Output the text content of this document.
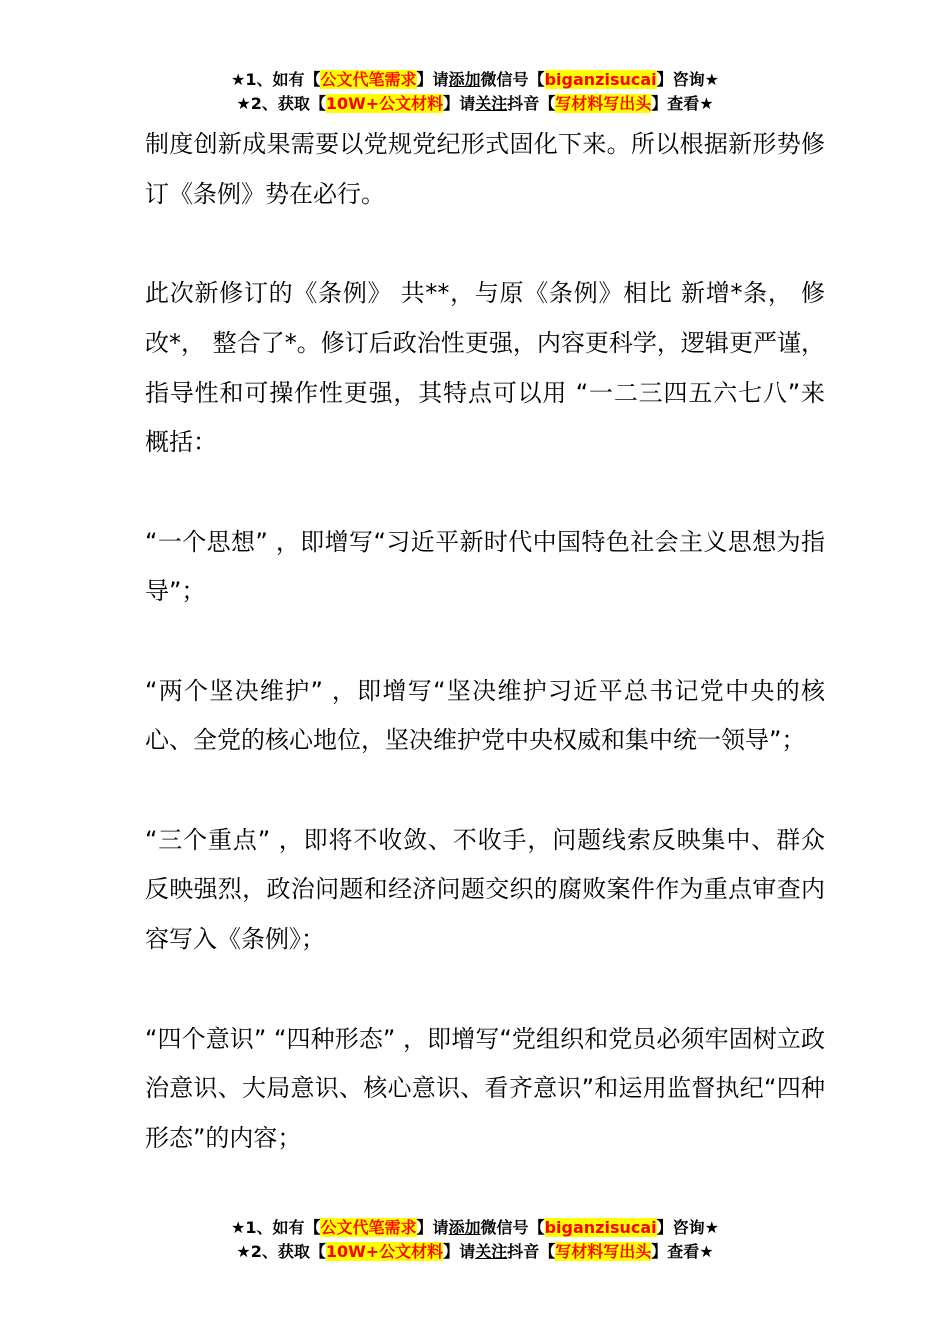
★1、如有【公文代笔需求】请添加微信号【biganzisucai】咨询★
★2、获取【10W+公文材料】请关注抖音【写材料写出头】查看★

制度创新成果需要以党规党纪形式固化下来。所以根据新形势修订《条例》势在必行。

此次新修订的《条例》 共**，与原《条例》相比 新增*条， 修改*， 整合了*。修订后政治性更强，内容更科学，逻辑更严谨，指导性和可操作性更强，其特点可以用 “一二三四五六七八”来概括：

“一个思想” ，即增写“习近平新时代中国特色社会主义思想为指导”；

“两个坚决维护” ，即增写“坚决维护习近平总书记党中央的核心、全党的核心地位，坚决维护党中央权威和集中统一领导”；

“三个重点” ，即将不收敛、不收手，问题线索反映集中、群众反映强烈，政治问题和经济问题交织的腐败案件作为重点审查内容写入《条例》；

“四个意识” “四种形态” ，即增写“党组织和党员必须牢固树立政治意识、大局意识、核心意识、看齐意识”和运用监督执纪“四种形态”的内容；

★1、如有【公文代笔需求】请添加微信号【biganzisucai】咨询★
★2、获取【10W+公文材料】请关注抖音【写材料写出头】查看★
